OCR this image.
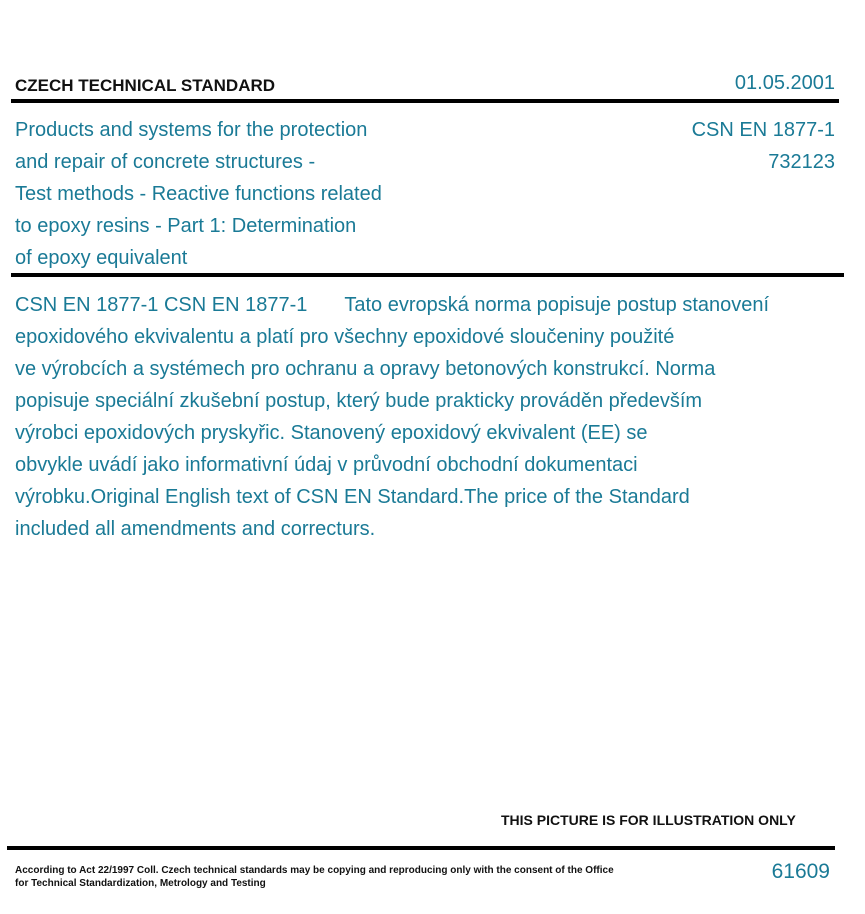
CZECH TECHNICAL STANDARD	01.05.2001
Products and systems for the protection
and repair of concrete structures -
Test methods - Reactive functions related
to epoxy resins - Part 1: Determination
of epoxy equivalent
CSN EN 1877-1
732123
CSN EN 1877-1 CSN EN 1877-1 Tato evropská norma popisuje postup stanovení
epoxidového ekvivalentu a platí pro všechny epoxidové sloučeniny použité
ve výrobcích a systémech pro ochranu a opravy betonových konstrukcí. Norma
popisuje speciální zkušební postup, který bude prakticky prováděn především
výrobci epoxidových pryskyřic. Stanovený epoxidový ekvivalent (EE) se
obvykle uvádí jako informativní údaj v průvodní obchodní dokumentaci
výrobku.Original English text of CSN EN Standard.The price of the Standard
included all amendments and correcturs.
THIS PICTURE IS FOR ILLUSTRATION ONLY
According to Act 22/1997 Coll. Czech technical standards may be copying and reproducing only with the consent of the Office
for Technical Standardization, Metrology and Testing
61609
